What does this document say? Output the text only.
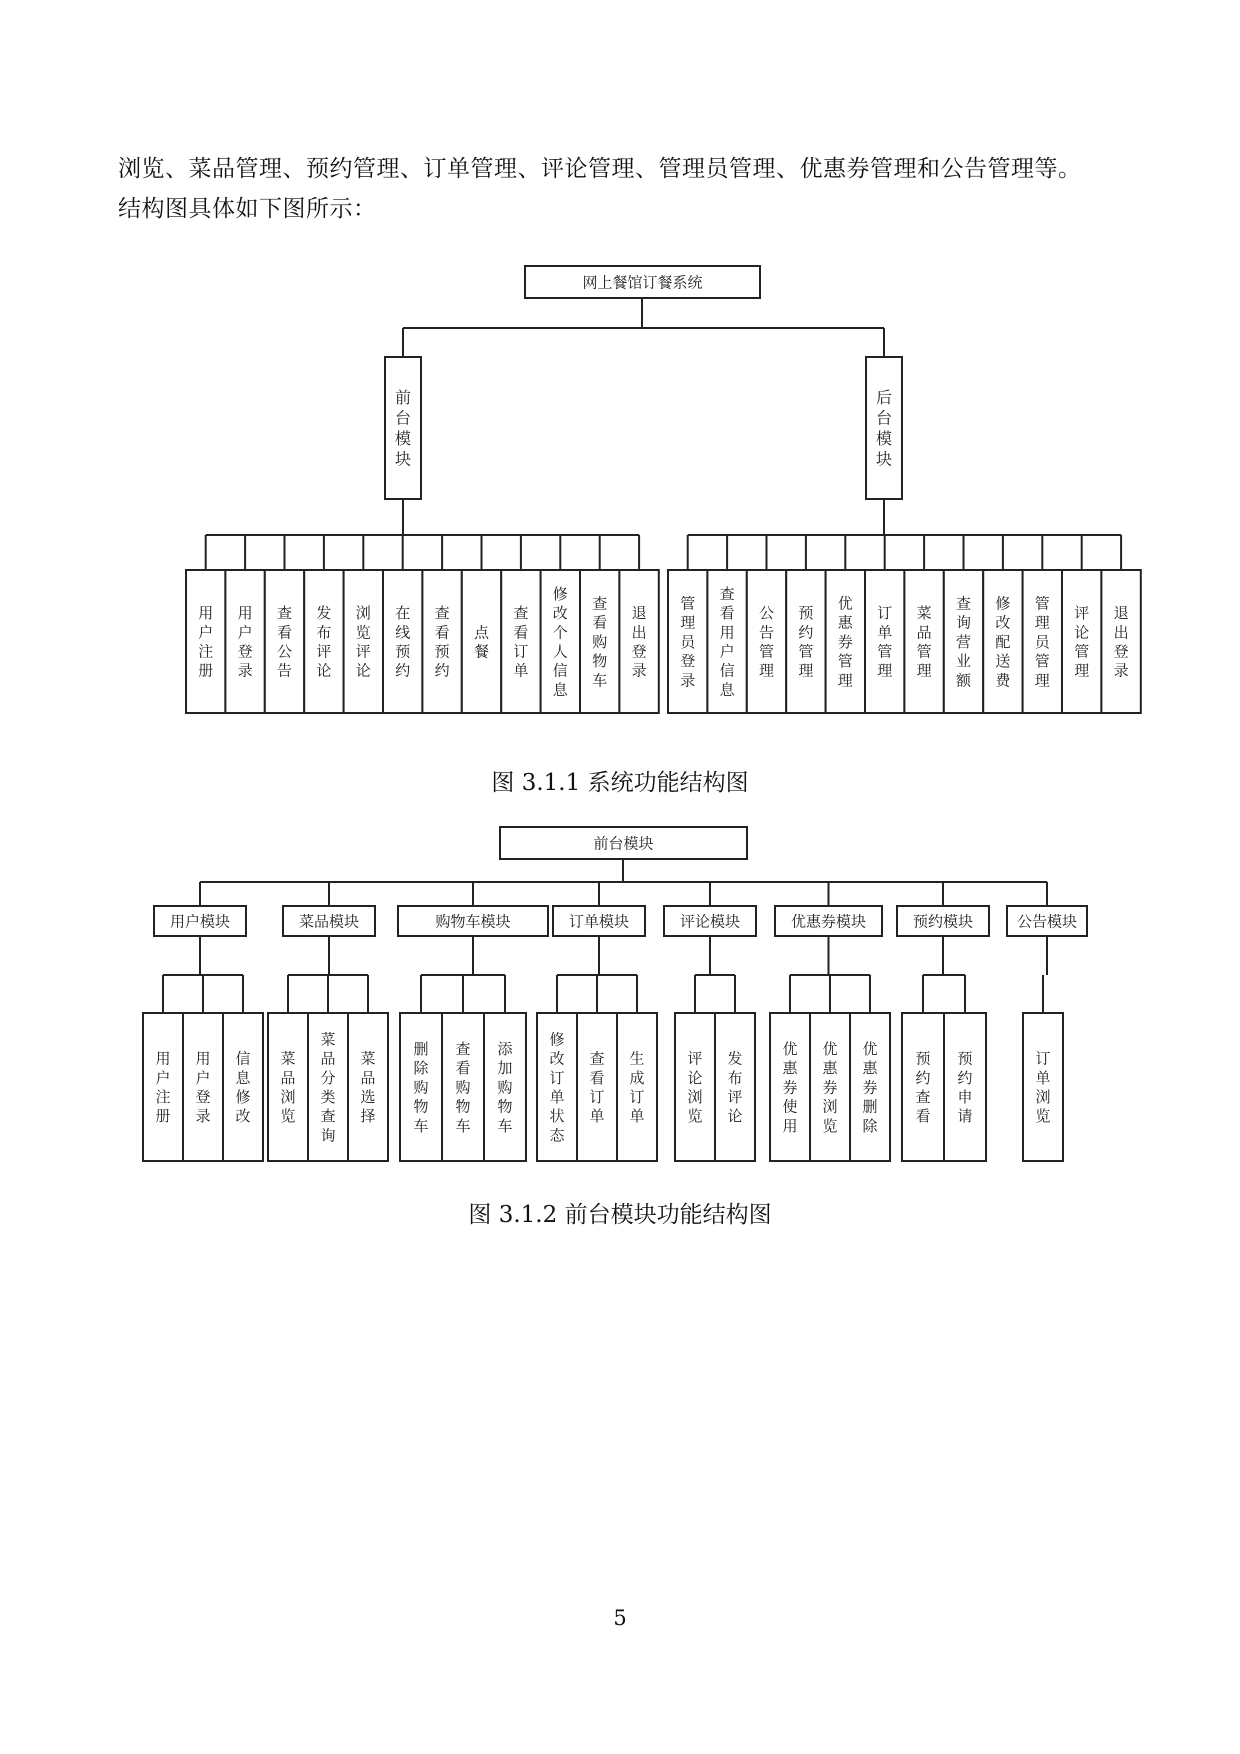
浏览、菜品管理、预约管理、订单管理、评论管理、管理员管理、优惠券管理和公告管理等。

结构图具体如下图所示：

网上餐馆订餐系统
前台模块
后台模块
用户注册
用户登录
查看公告
发布评论
浏览评论
在线预约
查看预约
点餐
查看订单
修改个人信息
查看购物车
退出登录
管理员登录
查看用户信息
公告管理
预约管理
优惠券管理
订单管理
菜品管理
查询营业额
修改配送费
管理员管理
评论管理
退出登录
前台模块
用户模块
用户注册
用户登录
信息修改
菜品模块
菜品浏览
菜品分类查询
菜品选择
购物车模块
删除购物车
查看购物车
添加购物车
订单模块
修改订单状态
查看订单
生成订单
评论模块
评论浏览
发布评论
优惠券模块
优惠券使用
优惠券浏览
优惠券删除
预约模块
预约查看
预约申请
公告模块
订单浏览

图 3.1.1 系统功能结构图

图 3.1.2 前台模块功能结构图

5
